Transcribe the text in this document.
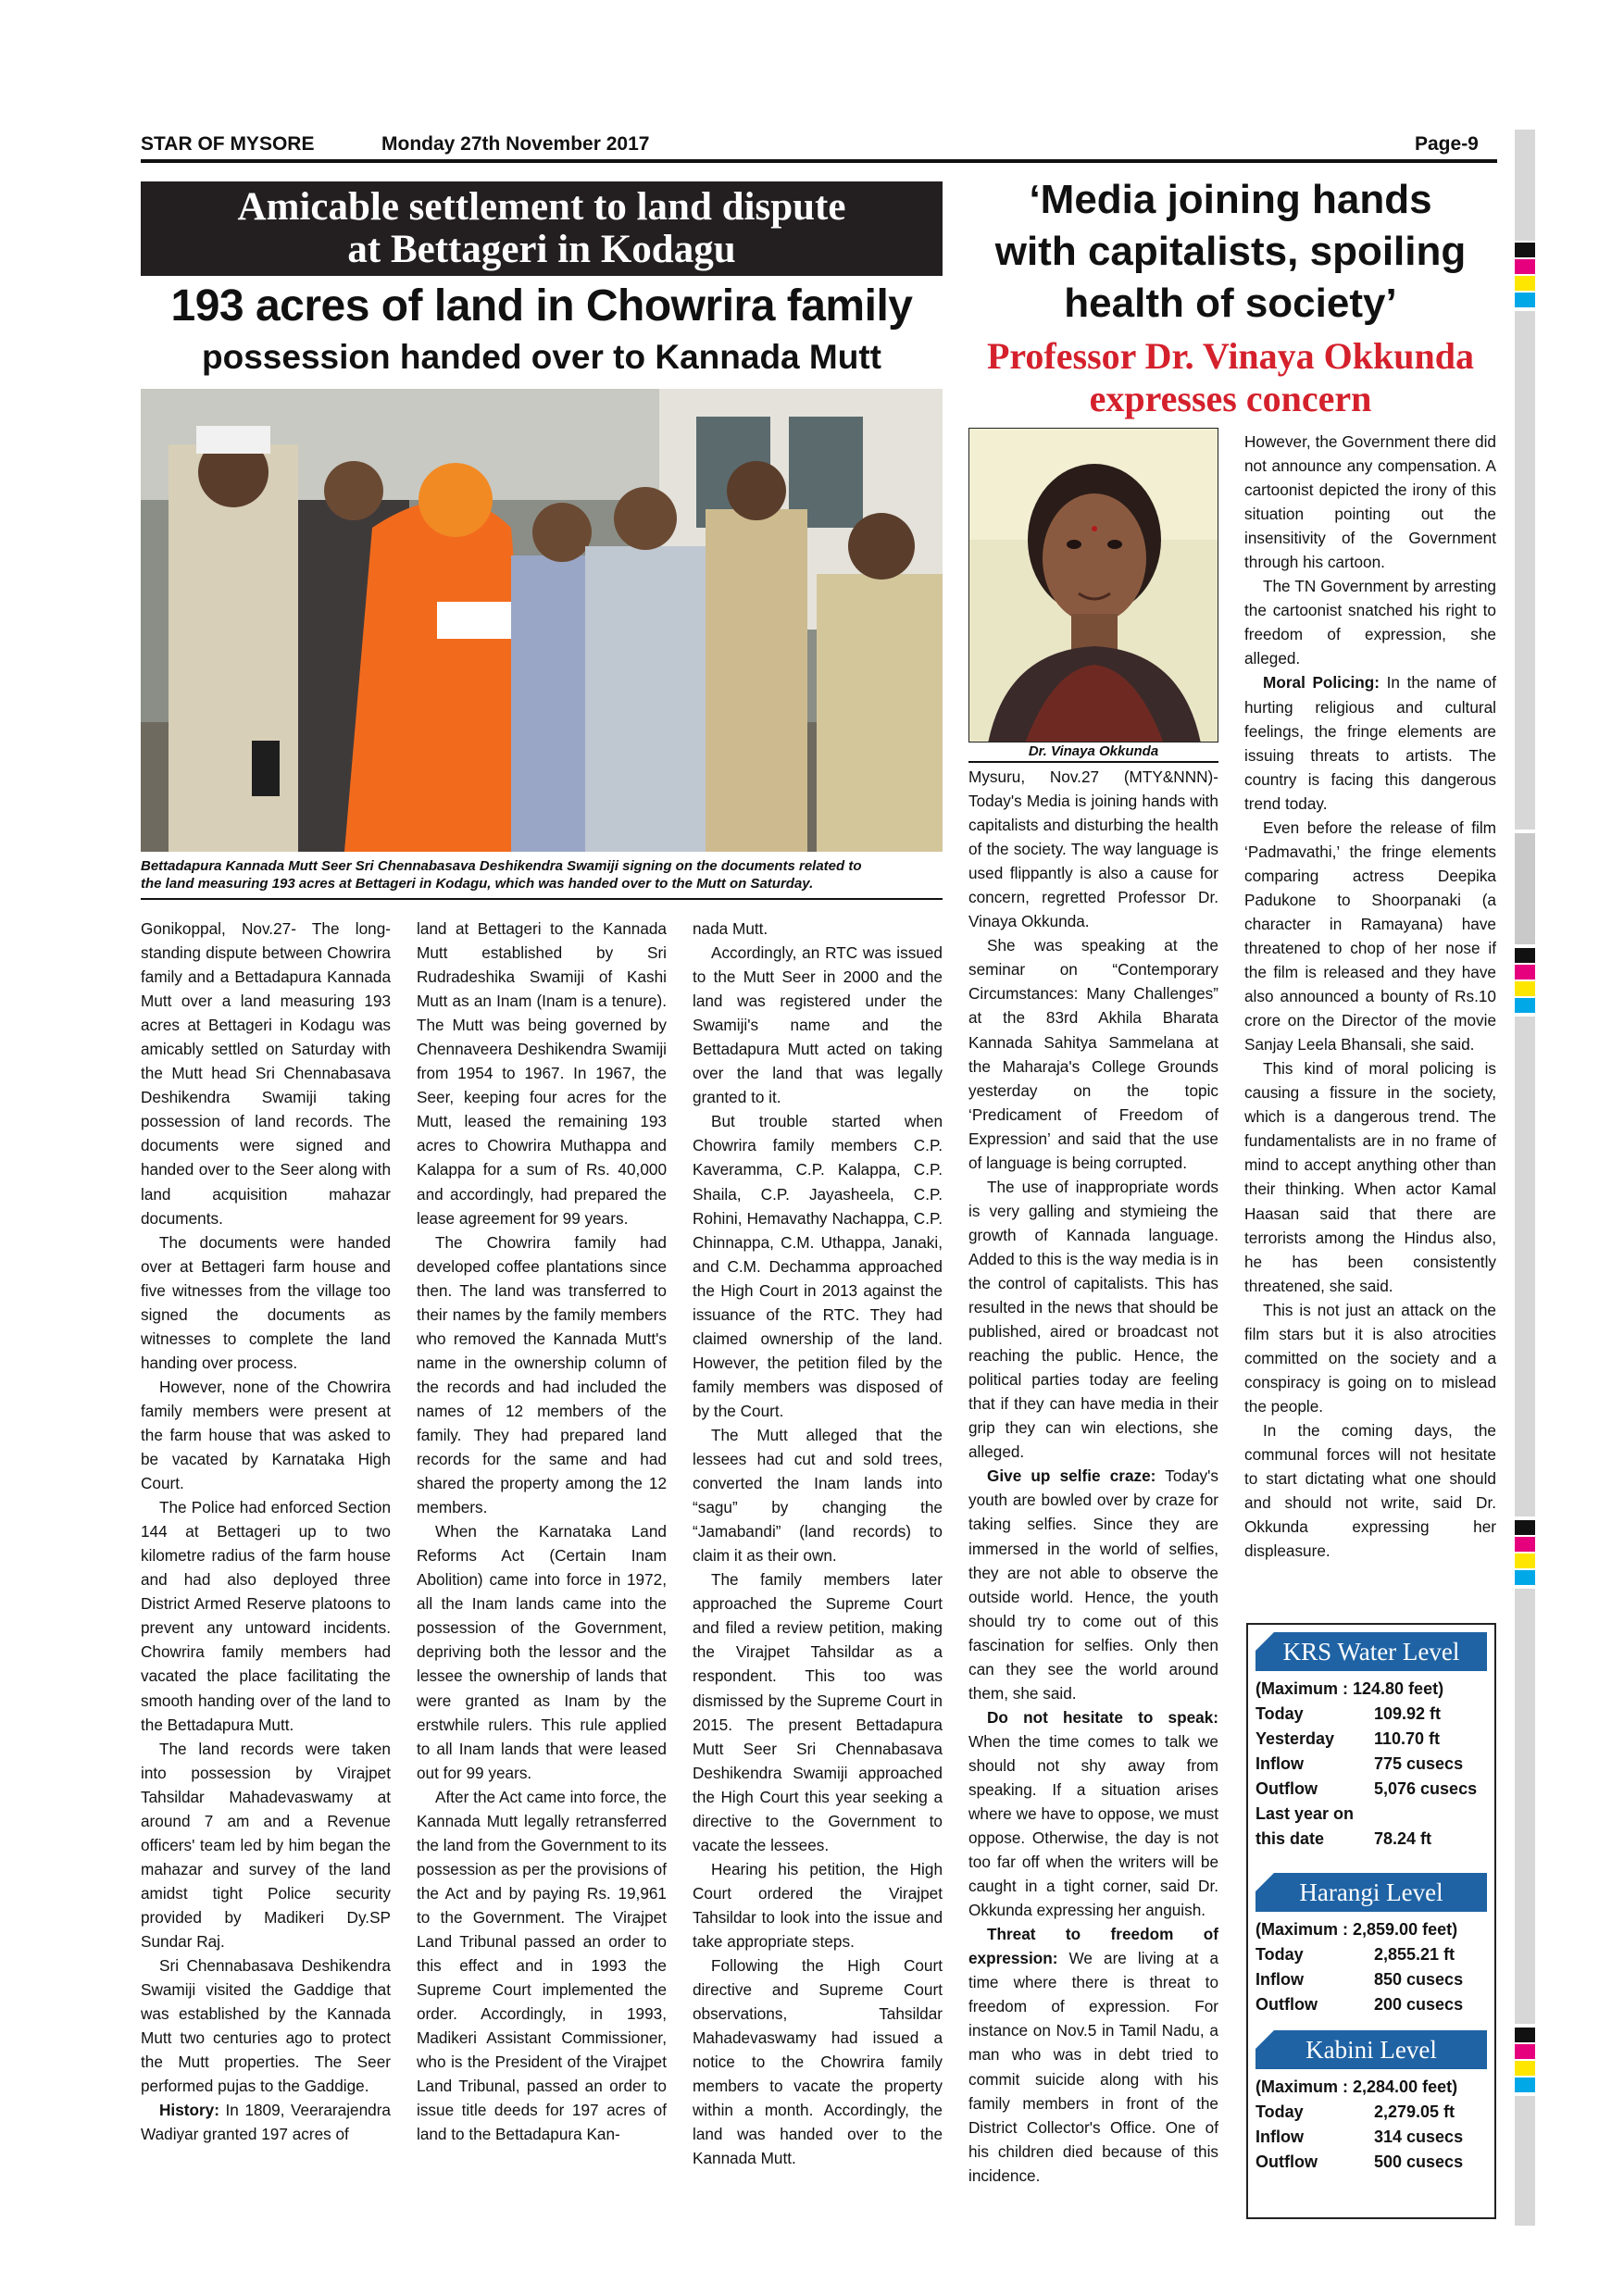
STAR OF MYSORE	Monday 27th November 2017	Page-9
Amicable settlement to land dispute
at Bettageri in Kodagu
193 acres of land in Chowrira family
possession handed over to Kannada Mutt
‘Media joining hands
with capitalists, spoiling
health of society’
Professor Dr. Vinaya Okkunda
expresses concern
Bettadapura Kannada Mutt Seer Sri Chennabasava Deshikendra Swamiji signing on the documents related to
the land measuring 193 acres at Bettageri in Kodagu, which was handed over to the Mutt on Saturday.

Gonikoppal, Nov.27- The long-standing dispute between Chowrira family and a Bettadapura Kannada Mutt over a land measuring 193 acres at Bettageri in Kodagu was amicably settled on Saturday with the Mutt head Sri Chennabasava Deshikendra Swamiji taking possession of land records. The documents were signed and handed over to the Seer along with land acquisition mahazar documents.

The documents were handed over at Bettageri farm house and five witnesses from the village too signed the documents as witnesses to complete the land handing over process.

However, none of the Chowrira family members were present at the farm house that was asked to be vacated by Karnataka High Court.

The Police had enforced Section 144 at Bettageri up to two kilometre radius of the farm house and had also deployed three District Armed Reserve platoons to prevent any untoward incidents. Chowrira family members had vacated the place facilitating the smooth handing over of the land to the Bettadapura Mutt.

The land records were taken into possession by Virajpet Tahsildar Mahadevaswamy at around 7 am and a Revenue officers' team led by him began the mahazar and survey of the land amidst tight Police security provided by Madikeri Dy.SP Sundar Raj.

Sri Chennabasava Deshikendra Swamiji visited the Gaddige that was established by the Kannada Mutt two centuries ago to protect the Mutt properties. The Seer performed pujas to the Gaddige.

History: In 1809, Veerarajendra Wadiyar granted 197 acres of

land at Bettageri to the Kannada Mutt established by Sri Rudradeshika Swamiji of Kashi Mutt as an Inam (Inam is a tenure). The Mutt was being governed by Chennaveera Deshikendra Swamiji from 1954 to 1967. In 1967, the Seer, keeping four acres for the Mutt, leased the remaining 193 acres to Chowrira Muthappa and Kalappa for a sum of Rs. 40,000 and accordingly, had prepared the lease agreement for 99 years.

The Chowrira family had developed coffee plantations since then. The land was transferred to their names by the family members who removed the Kannada Mutt's name in the ownership column of the records and had included the names of 12 members of the family. They had prepared land records for the same and had shared the property among the 12 members.

When the Karnataka Land Reforms Act (Certain Inam Abolition) came into force in 1972, all the Inam lands came into the possession of the Government, depriving both the lessor and the lessee the ownership of lands that were granted as Inam by the erstwhile rulers. This rule applied to all Inam lands that were leased out for 99 years.

After the Act came into force, the Kannada Mutt legally retransferred the land from the Government to its possession as per the provisions of the Act and by paying Rs. 19,961 to the Government. The Virajpet Land Tribunal passed an order to this effect and in 1993 the Supreme Court implemented the order. Accordingly, in 1993, Madikeri Assistant Commissioner, who is the President of the Virajpet Land Tribunal, passed an order to issue title deeds for 197 acres of land to the Bettadapura Kan-

nada Mutt.

Accordingly, an RTC was issued to the Mutt Seer in 2000 and the land was registered under the Swamiji's name and the Bettadapura Mutt acted on taking over the land that was legally granted to it.

But trouble started when Chowrira family members C.P. Kaveramma, C.P. Kalappa, C.P. Shaila, C.P. Jayasheela, C.P. Rohini, Hemavathy Nachappa, C.P. Chinnappa, C.M. Uthappa, Janaki, and C.M. Dechamma approached the High Court in 2013 against the issuance of the RTC. They had claimed ownership of the land. However, the petition filed by the family members was disposed of by the Court.

The Mutt alleged that the lessees had cut and sold trees, converted the Inam lands into “sagu” by changing the “Jamabandi” (land records) to claim it as their own.

The family members later approached the Supreme Court and filed a review petition, making the Virajpet Tahsildar as a respondent. This too was dismissed by the Supreme Court in 2015. The present Bettadapura Mutt Seer Sri Chennabasava Deshikendra Swamiji approached the High Court this year seeking a directive to the Government to vacate the lessees.

Hearing his petition, the High Court ordered the Virajpet Tahsildar to look into the issue and take appropriate steps.

Following the High Court directive and Supreme Court observations, Tahsildar Mahadevaswamy had issued a notice to the Chowrira family members to vacate the property within a month. Accordingly, the land was handed over to the Kannada Mutt.

Dr. Vinaya Okkunda

Mysuru, Nov.27 (MTY&NNN)- Today's Media is joining hands with capitalists and disturbing the health of the society. The way language is used flippantly is also a cause for concern, regretted Professor Dr. Vinaya Okkunda.

She was speaking at the seminar on “Contemporary Circumstances: Many Challenges” at the 83rd Akhila Bharata Kannada Sahitya Sammelana at the Maharaja's College Grounds yesterday on the topic ‘Predicament of Freedom of Expression’ and said that the use of language is being corrupted.

The use of inappropriate words is very galling and stymieing the growth of Kannada language. Added to this is the way media is in the control of capitalists. This has resulted in the news that should be published, aired or broadcast not reaching the public. Hence, the political parties today are feeling that if they can have media in their grip they can win elections, she alleged.

Give up selfie craze: Today's youth are bowled over by craze for taking selfies. Since they are immersed in the world of selfies, they are not able to observe the outside world. Hence, the youth should try to come out of this fascination for selfies. Only then can they see the world around them, she said.

Do not hesitate to speak: When the time comes to talk we should not shy away from speaking. If a situation arises where we have to oppose, we must oppose. Otherwise, the day is not too far off when the writers will be caught in a tight corner, said Dr. Okkunda expressing her anguish.

Threat to freedom of expression: We are living at a time where there is threat to freedom of expression. For instance on Nov.5 in Tamil Nadu, a man who was in debt tried to commit suicide along with his family members in front of the District Collector's Office. One of his children died because of this incidence.

However, the Government there did not announce any compensation. A cartoonist depicted the irony of this situation pointing out the insensitivity of the Government through his cartoon.

The TN Government by arresting the cartoonist snatched his right to freedom of expression, she alleged.

Moral Policing: In the name of hurting religious and cultural feelings, the fringe elements are issuing threats to artists. The country is facing this dangerous trend today.

Even before the release of film ‘Padmavathi,’ the fringe elements comparing actress Deepika Padukone to Shoorpanaki (a character in Ramayana) have threatened to chop of her nose if the film is released and they have also announced a bounty of Rs.10 crore on the Director of the movie Sanjay Leela Bhansali, she said.

This kind of moral policing is causing a fissure in the society, which is a dangerous trend. The fundamentalists are in no frame of mind to accept anything other than their thinking. When actor Kamal Haasan said that there are terrorists among the Hindus also, he has been consistently threatened, she said.

This is not just an attack on the film stars but it is also atrocities committed on the society and a conspiracy is going on to mislead the people.

In the coming days, the communal forces will not hesitate to start dictating what one should and should not write, said Dr. Okkunda expressing her displeasure.

KRS Water Level
(Maximum : 124.80 feet)
Today	109.92 ft
Yesterday	110.70 ft
Inflow	775 cusecs
Outflow	5,076 cusecs
Last year on
this date	78.24 ft
Harangi Level
(Maximum : 2,859.00 feet)
Today	2,855.21 ft
Inflow	850 cusecs
Outflow	200 cusecs
Kabini Level
(Maximum : 2,284.00 feet)
Today	2,279.05 ft
Inflow	314 cusecs
Outflow	500 cusecs
